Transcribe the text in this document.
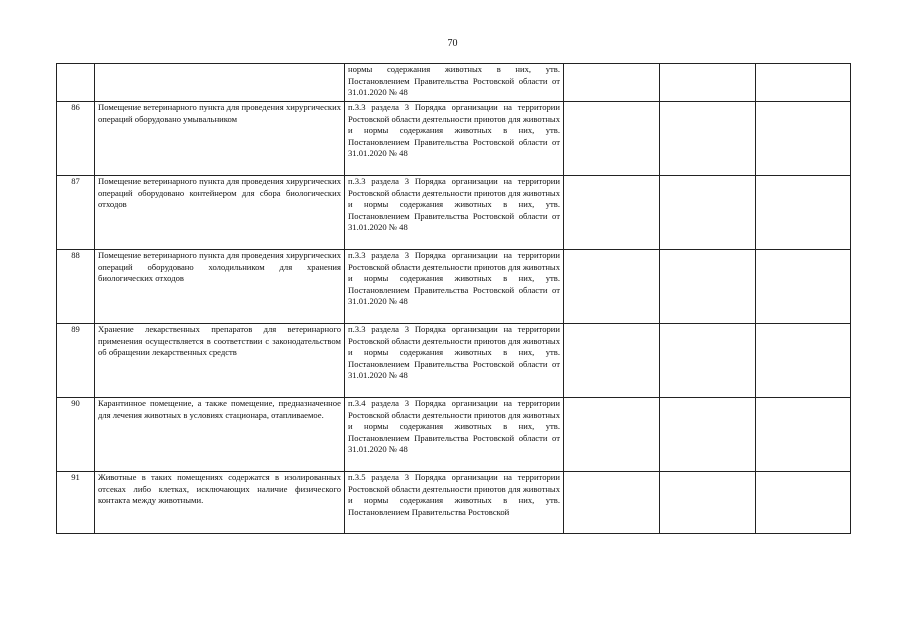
70
		нормы содержания животных в них, утв. Постановлением Правительства Ростовской области от 31.01.2020 № 48			
86	Помещение ветеринарного пункта для проведения хирургических операций оборудовано умывальником	п.3.3 раздела 3 Порядка организации на территории Ростовской области деятельности приютов для животных и нормы содержания животных в них, утв. Постановлением Правительства Ростовской области от 31.01.2020 № 48			
87	Помещение ветеринарного пункта для проведения хирургических операций оборудовано контейнером для сбора биологических отходов	п.3.3 раздела 3 Порядка организации на территории Ростовской области деятельности приютов для животных и нормы содержания животных в них, утв. Постановлением Правительства Ростовской области от 31.01.2020 № 48			
88	Помещение ветеринарного пункта для проведения хирургических операций оборудовано холодильником для хранения биологических отходов	п.3.3 раздела 3 Порядка организации на территории Ростовской области деятельности приютов для животных и нормы содержания животных в них, утв. Постановлением Правительства Ростовской области от 31.01.2020 № 48			
89	Хранение лекарственных препаратов для ветеринарного применения осуществляется в соответствии с законодательством об обращении лекарственных средств	п.3.3 раздела 3 Порядка организации на территории Ростовской области деятельности приютов для животных и нормы содержания животных в них, утв. Постановлением Правительства Ростовской области от 31.01.2020 № 48			
90	Карантинное помещение, а также помещение, предназначенное для лечения животных в условиях стационара, отапливаемое.	п.3.4 раздела 3 Порядка организации на территории Ростовской области деятельности приютов для животных и нормы содержания животных в них, утв. Постановлением Правительства Ростовской области от 31.01.2020 № 48			
91	Животные в таких помещениях содержатся в изолированных отсеках либо клетках, исключающих наличие физического контакта между животными.	п.3.5 раздела 3 Порядка организации на территории Ростовской области деятельности приютов для животных и нормы содержания животных в них, утв. Постановлением Правительства Ростовской			
